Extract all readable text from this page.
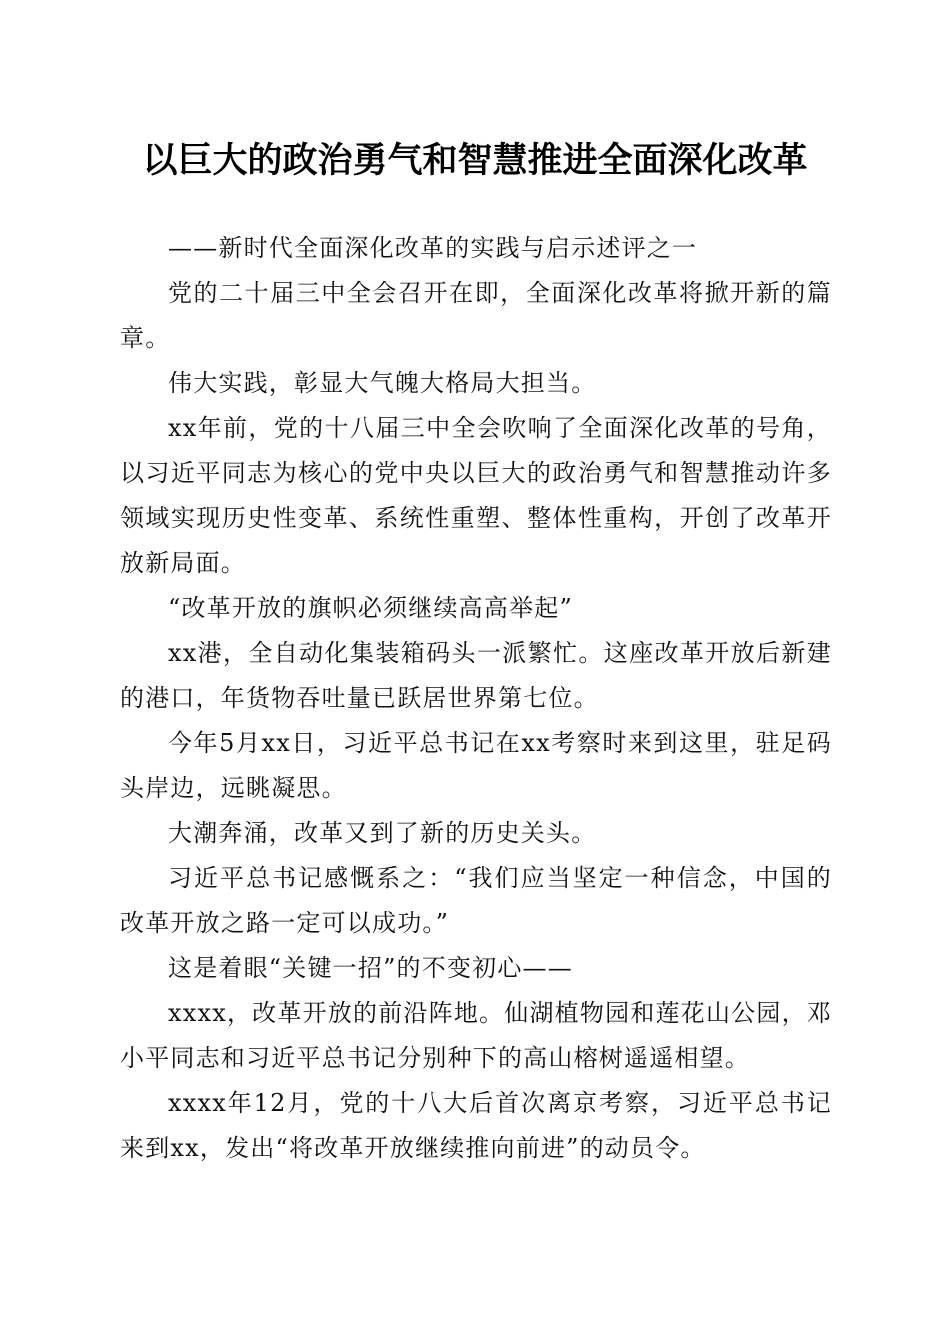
以巨大的政治勇气和智慧推进全面深化改革

——新时代全面深化改革的实践与启示述评之一

党的二十届三中全会召开在即，全面深化改革将掀开新的篇章。

伟大实践，彰显大气魄大格局大担当。

xx年前，党的十八届三中全会吹响了全面深化改革的号角，以习近平同志为核心的党中央以巨大的政治勇气和智慧推动许多领域实现历史性变革、系统性重塑、整体性重构，开创了改革开放新局面。

“改革开放的旗帜必须继续高高举起”

xx港，全自动化集装箱码头一派繁忙。这座改革开放后新建的港口，年货物吞吐量已跃居世界第七位。

今年5月xx日，习近平总书记在xx考察时来到这里，驻足码头岸边，远眺凝思。

大潮奔涌，改革又到了新的历史关头。

习近平总书记感慨系之：“我们应当坚定一种信念，中国的改革开放之路一定可以成功。”

这是着眼“关键一招”的不变初心——

xxxx，改革开放的前沿阵地。仙湖植物园和莲花山公园，邓小平同志和习近平总书记分别种下的高山榕树遥遥相望。

xxxx年12月，党的十八大后首次离京考察，习近平总书记来到xx，发出“将改革开放继续推向前进”的动员令。
